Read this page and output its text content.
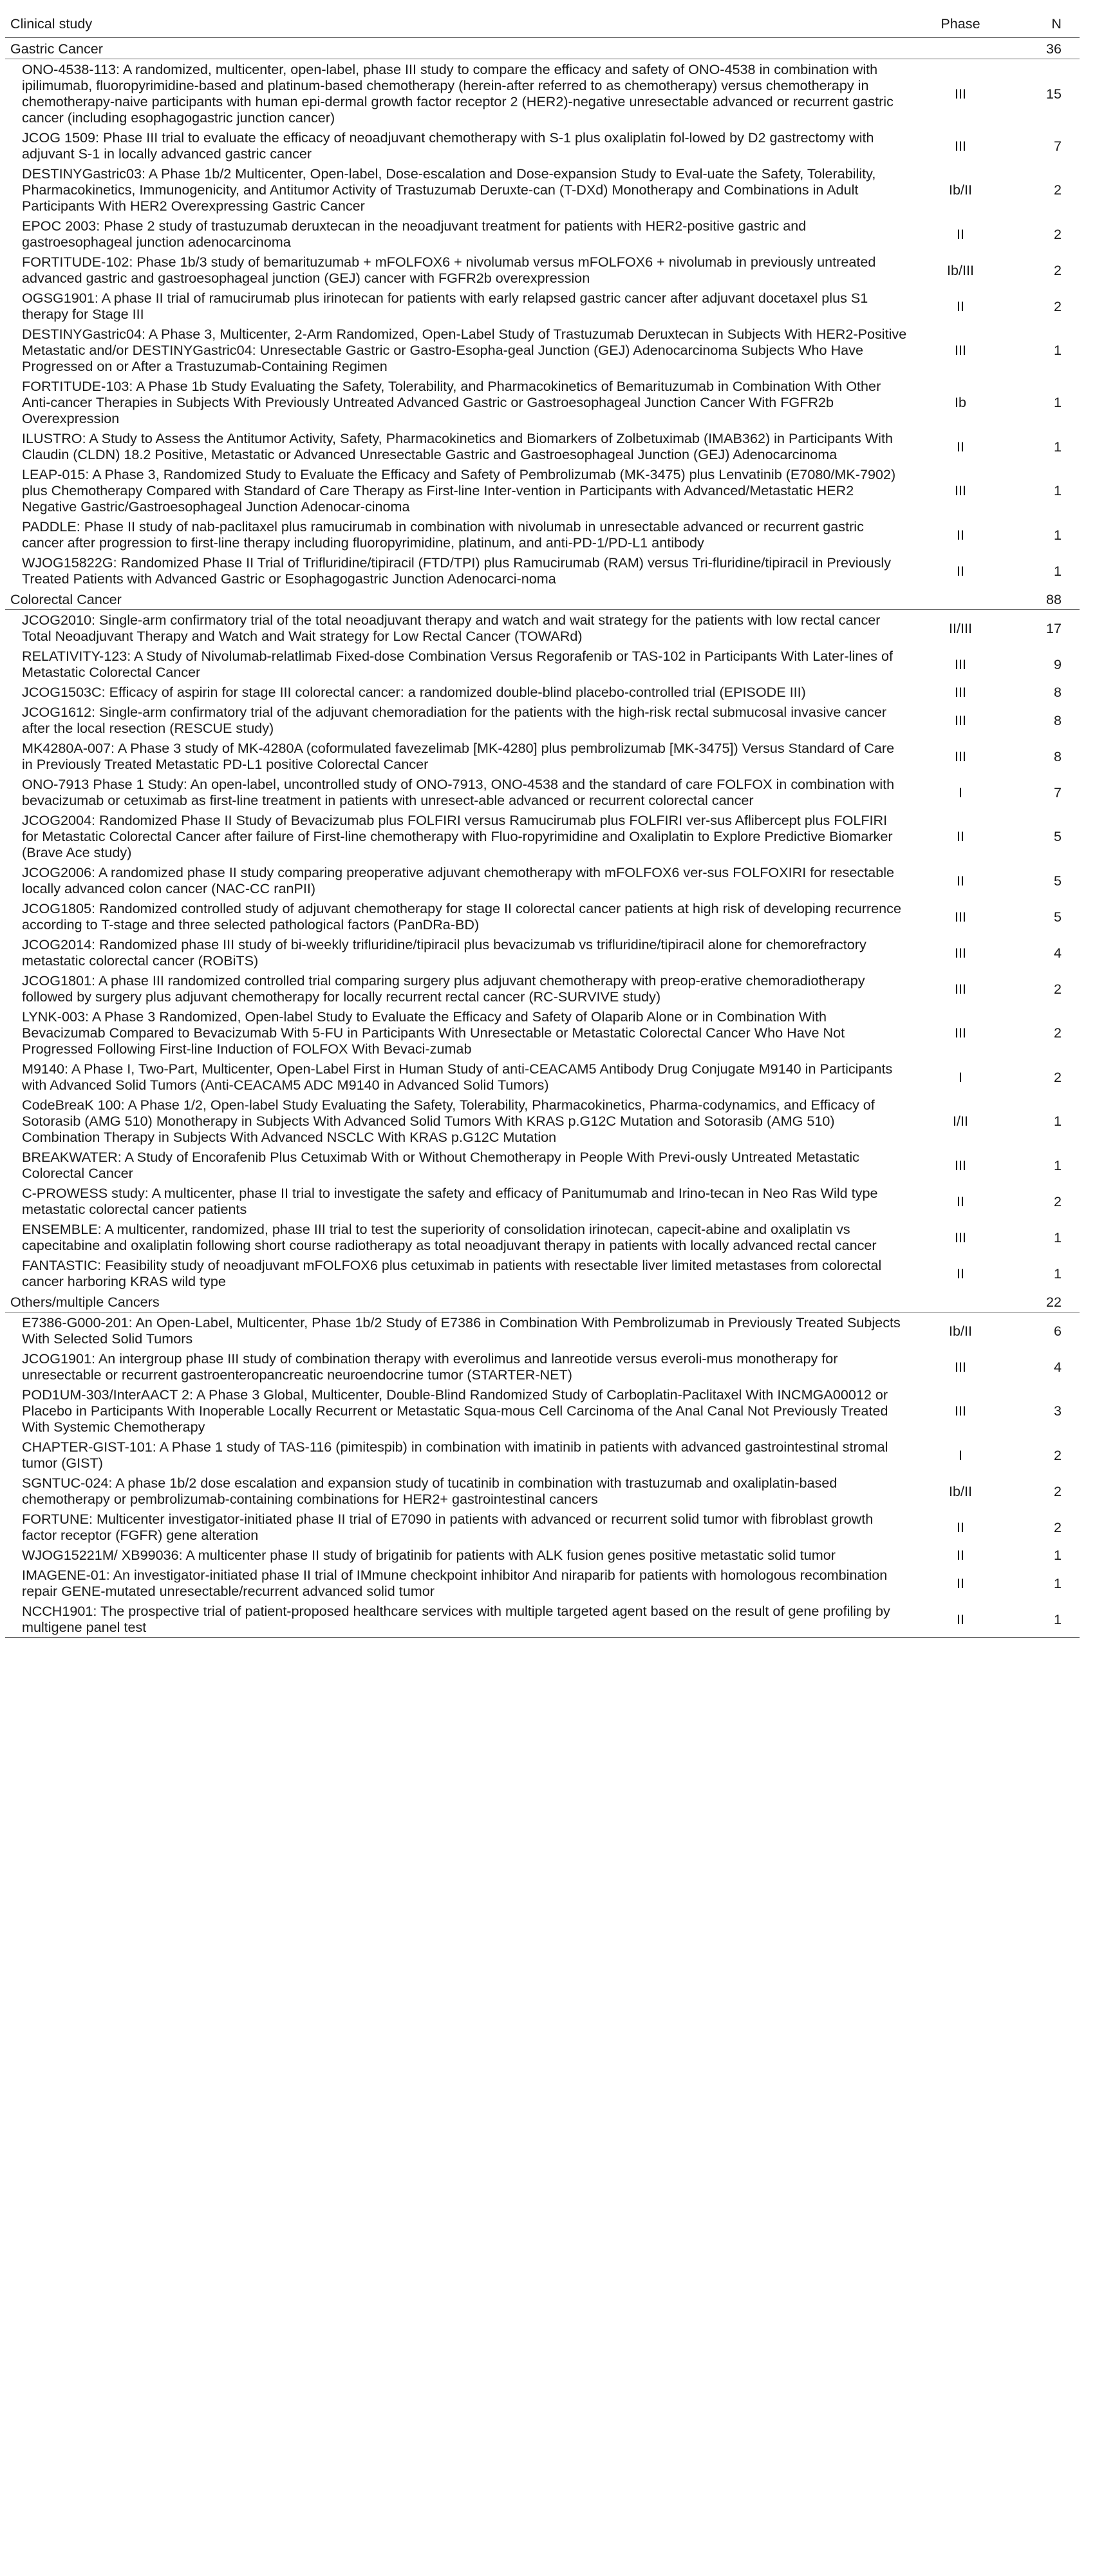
Clinical study	Phase	N
Gastric Cancer		36
ONO-4538-113: A randomized, multicenter, open-label, phase III study to compare the efficacy and safety of ONO-4538 in combination with ipilimumab, fluoropyrimidine-based and platinum-based chemotherapy (herein-after referred to as chemotherapy) versus chemotherapy in chemotherapy-naive participants with human epi-dermal growth factor receptor 2 (HER2)-negative unresectable advanced or recurrent gastric cancer (including esophagogastric junction cancer)	III	15
JCOG 1509: Phase III trial to evaluate the efficacy of neoadjuvant chemotherapy with S-1 plus oxaliplatin fol-lowed by D2 gastrectomy with adjuvant S-1 in locally advanced gastric cancer	III	7
DESTINYGastric03: A Phase 1b/2 Multicenter, Open-label, Dose-escalation and Dose-expansion Study to Eval-uate the Safety, Tolerability, Pharmacokinetics, Immunogenicity, and Antitumor Activity of Trastuzumab Deruxte-can (T-DXd) Monotherapy and Combinations in Adult Participants With HER2 Overexpressing Gastric Cancer	Ib/II	2
EPOC 2003: Phase 2 study of trastuzumab deruxtecan in the neoadjuvant treatment for patients with HER2-positive gastric and gastroesophageal junction adenocarcinoma	II	2
FORTITUDE-102: Phase 1b/3 study of bemarituzumab + mFOLFOX6 + nivolumab versus mFOLFOX6 + nivolumab in previously untreated advanced gastric and gastroesophageal junction (GEJ) cancer with FGFR2b overexpression	Ib/III	2
OGSG1901: A phase II trial of ramucirumab plus irinotecan for patients with early relapsed gastric cancer after adjuvant docetaxel plus S1 therapy for Stage III	II	2
DESTINYGastric04: A Phase 3, Multicenter, 2-Arm Randomized, Open-Label Study of Trastuzumab Deruxtecan in Subjects With HER2-Positive Metastatic and/or DESTINYGastric04: Unresectable Gastric or Gastro-Esopha-geal Junction (GEJ) Adenocarcinoma Subjects Who Have Progressed on or After a Trastuzumab-Containing Regimen	III	1
FORTITUDE-103: A Phase 1b Study Evaluating the Safety, Tolerability, and Pharmacokinetics of Bemarituzumab in Combination With Other Anti-cancer Therapies in Subjects With Previously Untreated Advanced Gastric or Gastroesophageal Junction Cancer With FGFR2b Overexpression	Ib	1
ILUSTRO: A Study to Assess the Antitumor Activity, Safety, Pharmacokinetics and Biomarkers of Zolbetuximab (IMAB362) in Participants With Claudin (CLDN) 18.2 Positive, Metastatic or Advanced Unresectable Gastric and Gastroesophageal Junction (GEJ) Adenocarcinoma	II	1
LEAP-015: A Phase 3, Randomized Study to Evaluate the Efficacy and Safety of Pembrolizumab (MK-3475) plus Lenvatinib (E7080/MK-7902) plus Chemotherapy Compared with Standard of Care Therapy as First-line Inter-vention in Participants with Advanced/Metastatic HER2 Negative Gastric/Gastroesophageal Junction Adenocar-cinoma	III	1
PADDLE: Phase II study of nab-paclitaxel plus ramucirumab in combination with nivolumab in unresectable advanced or recurrent gastric cancer after progression to first-line therapy including fluoropyrimidine, platinum, and anti-PD-1/PD-L1 antibody	II	1
WJOG15822G: Randomized Phase II Trial of Trifluridine/tipiracil (FTD/TPI) plus Ramucirumab (RAM) versus Tri-fluridine/tipiracil in Previously Treated Patients with Advanced Gastric or Esophagogastric Junction Adenocarci-noma	II	1
Colorectal Cancer		88
JCOG2010: Single-arm confirmatory trial of the total neoadjuvant therapy and watch and wait strategy for the patients with low rectal cancer Total Neoadjuvant Therapy and Watch and Wait strategy for Low Rectal Cancer (TOWARd)	II/III	17
RELATIVITY-123: A Study of Nivolumab-relatlimab Fixed-dose Combination Versus Regorafenib or TAS-102 in Participants With Later-lines of Metastatic Colorectal Cancer	III	9
JCOG1503C: Efficacy of aspirin for stage III colorectal cancer: a randomized double-blind placebo-controlled trial (EPISODE III)	III	8
JCOG1612: Single-arm confirmatory trial of the adjuvant chemoradiation for the patients with the high-risk rectal submucosal invasive cancer after the local resection (RESCUE study)	III	8
MK4280A-007: A Phase 3 study of MK-4280A (coformulated favezelimab [MK-4280] plus pembrolizumab [MK-3475]) Versus Standard of Care in Previously Treated Metastatic PD-L1 positive Colorectal Cancer	III	8
ONO-7913 Phase 1 Study: An open-label, uncontrolled study of ONO-7913, ONO-4538 and the standard of care FOLFOX in combination with bevacizumab or cetuximab as first-line treatment in patients with unresect-able advanced or recurrent colorectal cancer	I	7
JCOG2004: Randomized Phase II Study of Bevacizumab plus FOLFIRI versus Ramucirumab plus FOLFIRI ver-sus Aflibercept plus FOLFIRI for Metastatic Colorectal Cancer after failure of First-line chemotherapy with Fluo-ropyrimidine and Oxaliplatin to Explore Predictive Biomarker (Brave Ace study)	II	5
JCOG2006: A randomized phase II study comparing preoperative adjuvant chemotherapy with mFOLFOX6 ver-sus FOLFOXIRI for resectable locally advanced colon cancer (NAC-CC ranPII)	II	5
JCOG1805: Randomized controlled study of adjuvant chemotherapy for stage II colorectal cancer patients at high risk of developing recurrence according to T-stage and three selected pathological factors (PanDRa-BD)	III	5
JCOG2014: Randomized phase III study of bi-weekly trifluridine/tipiracil plus bevacizumab vs trifluridine/tipiracil alone for chemorefractory metastatic colorectal cancer (ROBiTS)	III	4
JCOG1801: A phase III randomized controlled trial comparing surgery plus adjuvant chemotherapy with preop-erative chemoradiotherapy followed by surgery plus adjuvant chemotherapy for locally recurrent rectal cancer (RC-SURVIVE study)	III	2
LYNK-003: A Phase 3 Randomized, Open-label Study to Evaluate the Efficacy and Safety of Olaparib Alone or in Combination With Bevacizumab Compared to Bevacizumab With 5-FU in Participants With Unresectable or Metastatic Colorectal Cancer Who Have Not Progressed Following First-line Induction of FOLFOX With Bevaci-zumab	III	2
M9140: A Phase I, Two-Part, Multicenter, Open-Label First in Human Study of anti-CEACAM5 Antibody Drug Conjugate M9140 in Participants with Advanced Solid Tumors (Anti-CEACAM5 ADC M9140 in Advanced Solid Tumors)	I	2
CodeBreaK 100: A Phase 1/2, Open-label Study Evaluating the Safety, Tolerability, Pharmacokinetics, Pharma-codynamics, and Efficacy of Sotorasib (AMG 510) Monotherapy in Subjects With Advanced Solid Tumors With KRAS p.G12C Mutation and Sotorasib (AMG 510) Combination Therapy in Subjects With Advanced NSCLC With KRAS p.G12C Mutation	I/II	1
BREAKWATER: A Study of Encorafenib Plus Cetuximab With or Without Chemotherapy in People With Previ-ously Untreated Metastatic Colorectal Cancer	III	1
C-PROWESS study: A multicenter, phase II trial to investigate the safety and efficacy of Panitumumab and Irino-tecan in Neo Ras Wild type metastatic colorectal cancer patients	II	2
ENSEMBLE: A multicenter, randomized, phase III trial to test the superiority of consolidation irinotecan, capecit-abine and oxaliplatin vs capecitabine and oxaliplatin following short course radiotherapy as total neoadjuvant therapy in patients with locally advanced rectal cancer	III	1
FANTASTIC: Feasibility study of neoadjuvant mFOLFOX6 plus cetuximab in patients with resectable liver limited metastases from colorectal cancer harboring KRAS wild type	II	1
Others/multiple Cancers		22
E7386-G000-201: An Open-Label, Multicenter, Phase 1b/2 Study of E7386 in Combination With Pembrolizumab in Previously Treated Subjects With Selected Solid Tumors	Ib/II	6
JCOG1901: An intergroup phase III study of combination therapy with everolimus and lanreotide versus everoli-mus monotherapy for unresectable or recurrent gastroenteropancreatic neuroendocrine tumor (STARTER-NET)	III	4
POD1UM-303/InterAACT 2: A Phase 3 Global, Multicenter, Double-Blind Randomized Study of Carboplatin-Paclitaxel With INCMGA00012 or Placebo in Participants With Inoperable Locally Recurrent or Metastatic Squa-mous Cell Carcinoma of the Anal Canal Not Previously Treated With Systemic Chemotherapy	III	3
CHAPTER-GIST-101: A Phase 1 study of TAS-116 (pimitespib) in combination with imatinib in patients with advanced gastrointestinal stromal tumor (GIST)	I	2
SGNTUC-024: A phase 1b/2 dose escalation and expansion study of tucatinib in combination with trastuzumab and oxaliplatin-based chemotherapy or pembrolizumab-containing combinations for HER2+ gastrointestinal cancers	Ib/II	2
FORTUNE: Multicenter investigator-initiated phase II trial of E7090 in patients with advanced or recurrent solid tumor with fibroblast growth factor receptor (FGFR) gene alteration	II	2
WJOG15221M/ XB99036: A multicenter phase II study of brigatinib for patients with ALK fusion genes positive metastatic solid tumor	II	1
IMAGENE-01: An investigator-initiated phase II trial of IMmune checkpoint inhibitor And niraparib for patients with homologous recombination repair GENE-mutated unresectable/recurrent advanced solid tumor	II	1
NCCH1901: The prospective trial of patient-proposed healthcare services with multiple targeted agent based on the result of gene profiling by multigene panel test	II	1
